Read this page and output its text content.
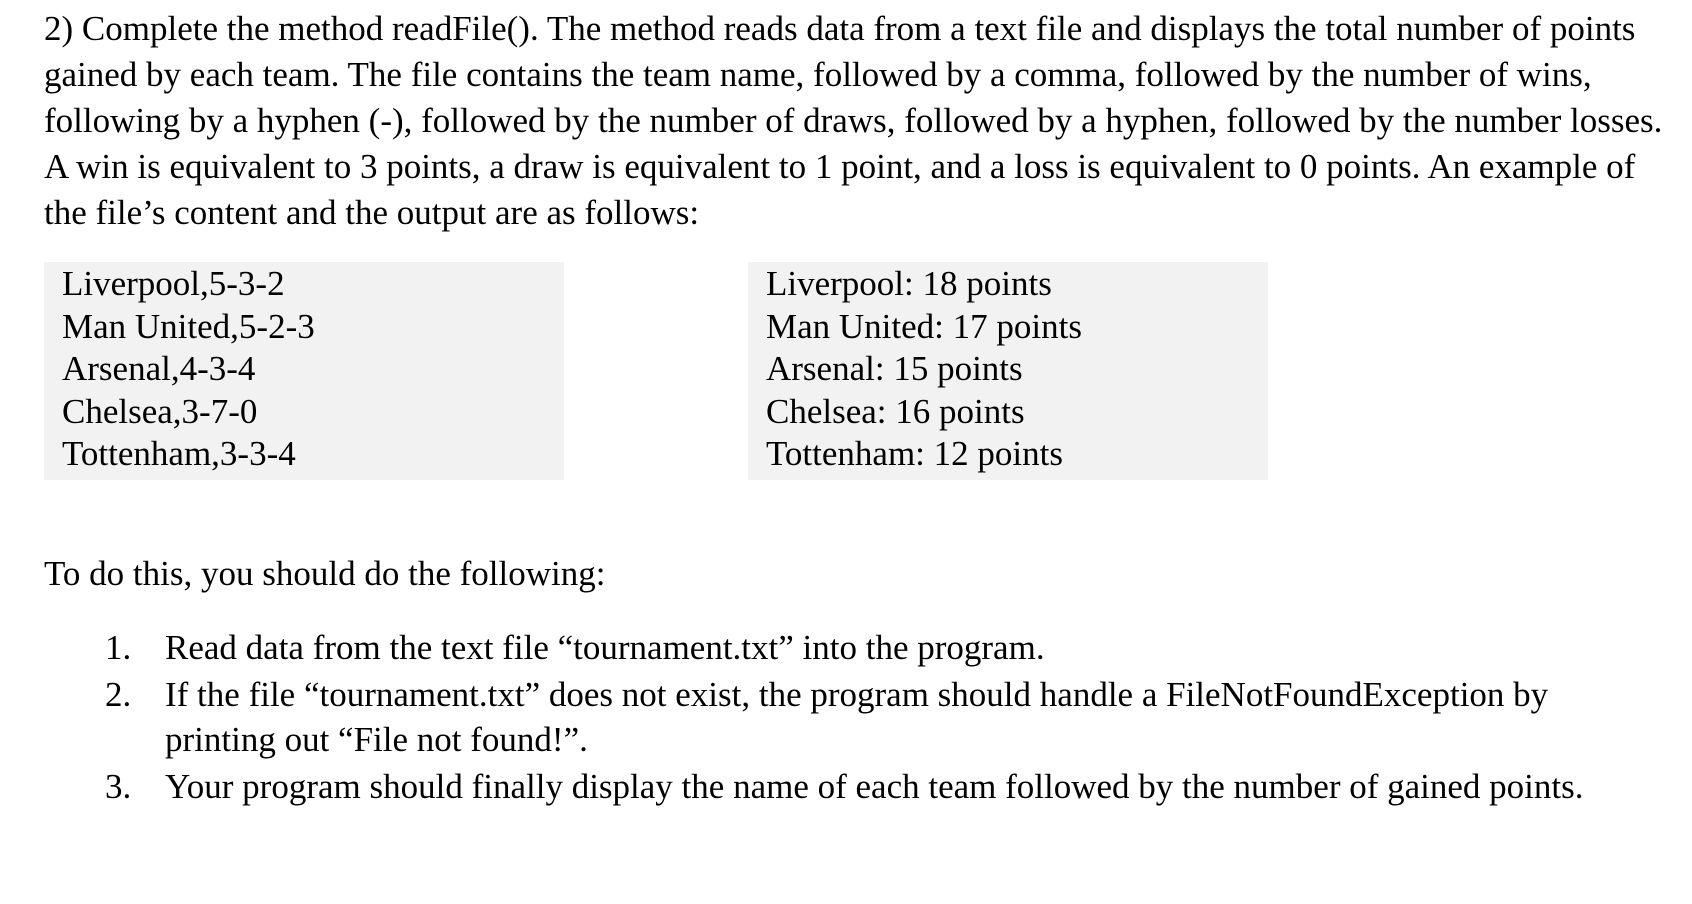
2) Complete the method readFile(). The method reads data from a text file and displays the total number of points gained by each team. The file contains the team name, followed by a comma, followed by the number of wins, following by a hyphen (-), followed by the number of draws, followed by a hyphen, followed by the number losses. A win is equivalent to 3 points, a draw is equivalent to 1 point, and a loss is equivalent to 0 points. An example of the file’s content and the output are as follows:

Liverpool,5-3-2
Man United,5-2-3
Arsenal,4-3-4
Chelsea,3-7-0
Tottenham,3-3-4
Liverpool: 18 points
Man United: 17 points
Arsenal: 15 points
Chelsea: 16 points
Tottenham: 12 points

To do this, you should do the following:

1. Read data from the text file “tournament.txt” into the program.
2. If the file “tournament.txt” does not exist, the program should handle a FileNotFoundException by printing out “File not found!”.
3. Your program should finally display the name of each team followed by the number of gained points.
